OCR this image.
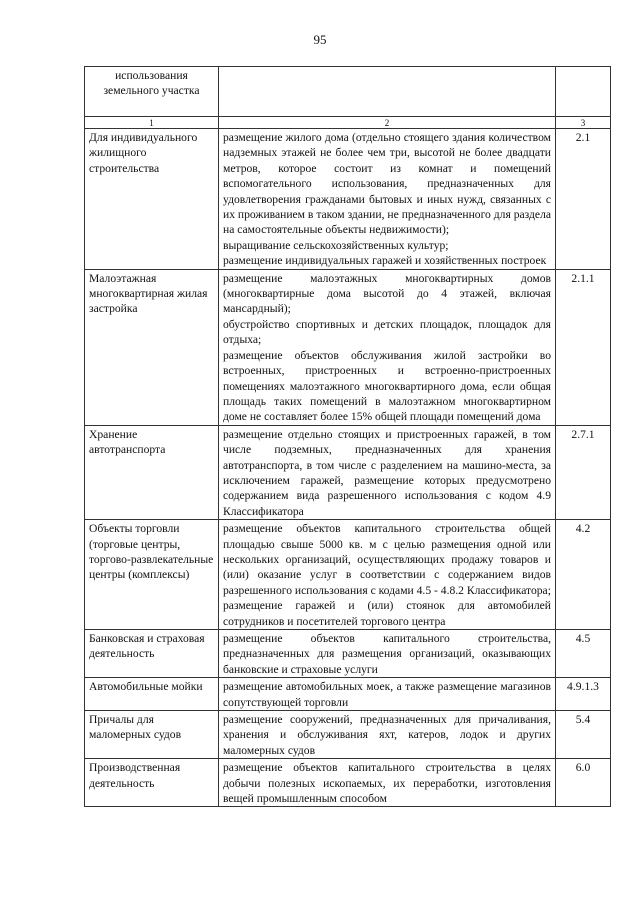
95
использования земельного участка		
1	2	3
Для индивидуального жилищного строительства	размещение жилого дома (отдельно стоящего здания количеством надземных этажей не более чем три, высотой не более двадцати метров, которое состоит из комнат и помещений вспомогательного использования, предназначенных для удовлетворения гражданами бытовых и иных нужд, связанных с их проживанием в таком здании, не предназначенного для раздела на самостоятельные объекты недвижимости);
выращивание сельскохозяйственных культур;
размещение индивидуальных гаражей и хозяйственных построек	2.1
Малоэтажная многоквартирная жилая застройка	размещение малоэтажных многоквартирных домов (многоквартирные дома высотой до 4 этажей, включая мансардный);
обустройство спортивных и детских площадок, площадок для отдыха;
размещение объектов обслуживания жилой застройки во встроенных, пристроенных и встроенно-пристроенных помещениях малоэтажного многоквартирного дома, если общая площадь таких помещений в малоэтажном многоквартирном доме не составляет более 15% общей площади помещений дома	2.1.1
Хранение автотранспорта	размещение отдельно стоящих и пристроенных гаражей, в том числе подземных, предназначенных для хранения автотранспорта, в том числе с разделением на машино-места, за исключением гаражей, размещение которых предусмотрено содержанием вида разрешенного использования с кодом 4.9 Классификатора	2.7.1
Объекты торговли (торговые центры, торгово-развлекательные центры (комплексы)	размещение объектов капитального строительства общей площадью свыше 5000 кв. м с целью размещения одной или нескольких организаций, осуществляющих продажу товаров и (или) оказание услуг в соответствии с содержанием видов разрешенного использования с кодами 4.5 - 4.8.2 Классификатора;
размещение гаражей и (или) стоянок для автомобилей сотрудников и посетителей торгового центра	4.2
Банковская и страховая деятельность	размещение объектов капитального строительства, предназначенных для размещения организаций, оказывающих банковские и страховые услуги	4.5
Автомобильные мойки	размещение автомобильных моек, а также размещение магазинов сопутствующей торговли	4.9.1.3
Причалы для маломерных судов	размещение сооружений, предназначенных для причаливания, хранения и обслуживания яхт, катеров, лодок и других маломерных судов	5.4
Производственная деятельность	размещение объектов капитального строительства в целях добычи полезных ископаемых, их переработки, изготовления вещей промышленным способом	6.0
